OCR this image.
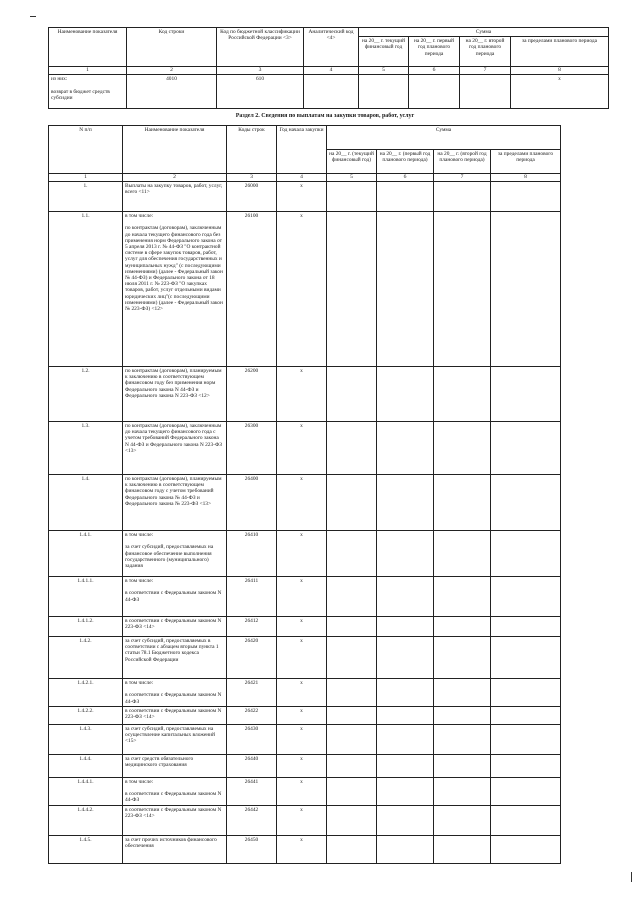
Наименование показателя	Код строки	Код по бюджетной классификации Российской Федерации <3>	Аналитический код <4>	Сумма			
				на 20__ г. текущий финансовый год	на 20__ г. первый год планового периода	на 20__ г. второй год планового периода	за пределами планового периода
1	2	3	4	5	6	7	8
из них:

возврат в бюджет средств субсидии	4010	610					х
Раздел 2. Сведения по выплатам на закупки товаров, работ, услуг
N п/п	Наименование показателя	Коды строк	Год начала закупки	Сумма			
				на 20__ г. (текущий финансовый год)	на 20__ г. (первый год планового периода)	на 20__ г. (второй год планового периода)	за пределами планового периода
1	2	3	4	5	6	7	8
1.	Выплаты на закупку товаров, работ, услуг, всего <11>	26000	х				
1.1.	в том числе:

по контрактам (договорам), заключенным до начала текущего финансового года без применения норм Федерального закона от 5 апреля 2013 г. № 44-ФЗ "О контрактной системе в сфере закупок товаров, работ, услуг для обеспечения государственных и муниципальных нужд" (с последующими изменениями) (далее - Федеральный закон № 44-ФЗ) и Федерального закона от 18 июля 2011 г. № 223-ФЗ "О закупках товаров, работ, услуг отдельными видами юридических лиц"(с последующими изменениями) (далее - Федеральный закон № 223-ФЗ) <12>	26100	х				
1.2.	по контрактам (договорам), планируемым к заключению в соответствующем финансовом году без применения норм Федерального закона N 44-ФЗ и Федерального закона N 223-ФЗ <12>	26200	х				
1.3.	по контрактам (договорам), заключенным до начала текущего финансового года с учетом требований Федерального закона N 44-ФЗ и Федерального закона N 223-ФЗ <13>	26300	х				
1.4.	по контрактам (договорам), планируемым к заключению в соответствующем финансовом году с учетом требований Федерального закона № 44-ФЗ и Федерального закона № 223-ФЗ <13>	26400	х				
1.4.1.	в том числе:

за счет субсидий, предоставляемых на финансовое обеспечение выполнения государственного (муниципального) задания	26410	х				
1.4.1.1.	в том числе:

в соответствии с Федеральным законом N 44-ФЗ	26411	х				
1.4.1.2.	в соответствии с Федеральным законом N 223-ФЗ <14>	26412	х				
1.4.2.	за счет субсидий, предоставляемых в соответствии с абзацем вторым пункта 1 статьи 78.1 Бюджетного кодекса Российской Федерации	26420	х				
1.4.2.1.	в том числе:

в соответствии с Федеральным законом N 44-ФЗ	26421	х				
1.4.2.2.	в соответствии с Федеральным законом N 223-ФЗ <14>	26422	х				
1.4.3.	за счет субсидий, предоставляемых на осуществление капитальных вложений <15>	26430	х				
1.4.4.	за счет средств обязательного медицинского страхования	26440	х				
1.4.4.1.	в том числе:

в соответствии с Федеральным законом N 44-ФЗ	26441	х				
1.4.4.2.	в соответствии с Федеральным законом N 223-ФЗ <14>	26442	х				
1.4.5.	за счет прочих источников финансового обеспечения	26450	х				
